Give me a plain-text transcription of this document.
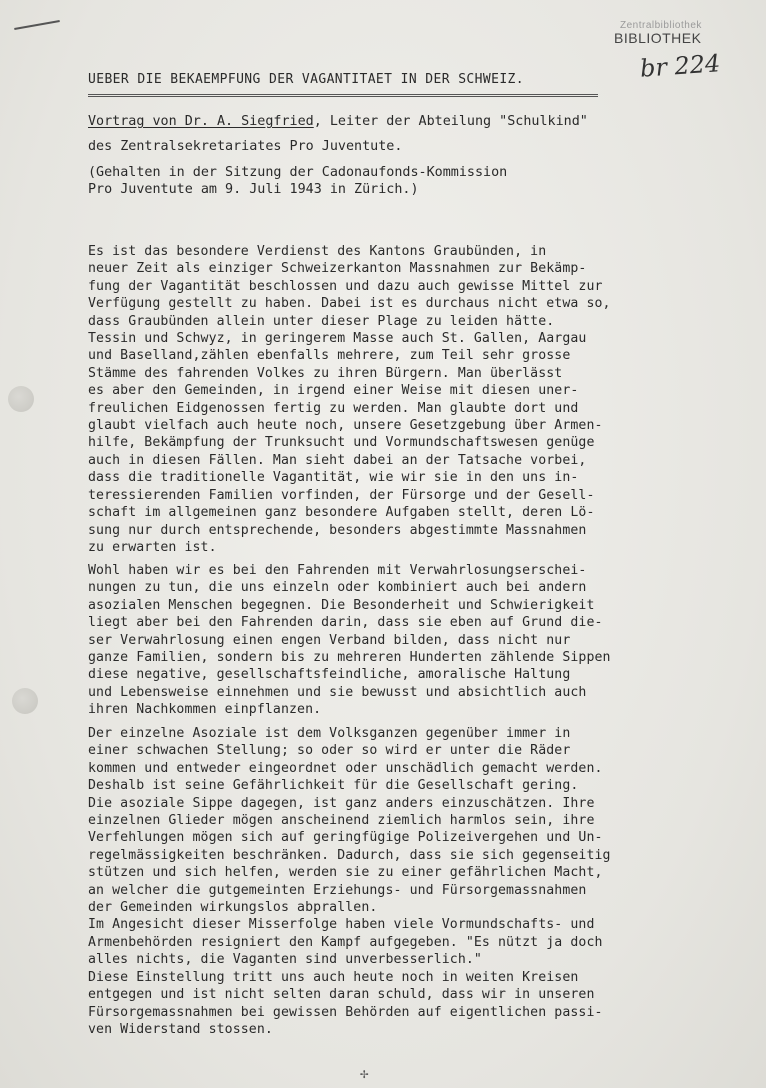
Zentralbibliothek
BIBLIOTHEK
br 224
UEBER DIE BEKAEMPFUNG DER VAGANTITAET IN DER SCHWEIZ.
Vortrag von Dr. A. Siegfried, Leiter der Abteilung "Schulkind"
des Zentralsekretariates Pro Juventute.
(Gehalten in der Sitzung der Cadonaufonds-Kommission
Pro Juventute am 9. Juli 1943 in Zürich.)
Es ist das besondere Verdienst des Kantons Graubünden, in
neuer Zeit als einziger Schweizerkanton Massnahmen zur Bekämp-
fung der Vagantität beschlossen und dazu auch gewisse Mittel zur
Verfügung gestellt zu haben. Dabei ist es durchaus nicht etwa so,
dass Graubünden allein unter dieser Plage zu leiden hätte.
Tessin und Schwyz, in geringerem Masse auch St. Gallen, Aargau
und Baselland,zählen ebenfalls mehrere, zum Teil sehr grosse
Stämme des fahrenden Volkes zu ihren Bürgern. Man überlässt
es aber den Gemeinden, in irgend einer Weise mit diesen uner-
freulichen Eidgenossen fertig zu werden. Man glaubte dort und
glaubt vielfach auch heute noch, unsere Gesetzgebung über Armen-
hilfe, Bekämpfung der Trunksucht und Vormundschaftswesen genüge
auch in diesen Fällen. Man sieht dabei an der Tatsache vorbei,
dass die traditionelle Vagantität, wie wir sie in den uns in-
teressierenden Familien vorfinden, der Fürsorge und der Gesell-
schaft im allgemeinen ganz besondere Aufgaben stellt, deren Lö-
sung nur durch entsprechende, besonders abgestimmte Massnahmen
zu erwarten ist.
Wohl haben wir es bei den Fahrenden mit Verwahrlosungserschei-
nungen zu tun, die uns einzeln oder kombiniert auch bei andern
asozialen Menschen begegnen. Die Besonderheit und Schwierigkeit
liegt aber bei den Fahrenden darin, dass sie eben auf Grund die-
ser Verwahrlosung einen engen Verband bilden, dass nicht nur
ganze Familien, sondern bis zu mehreren Hunderten zählende Sippen
diese negative, gesellschaftsfeindliche, amoralische Haltung
und Lebensweise einnehmen und sie bewusst und absichtlich auch
ihren Nachkommen einpflanzen.
Der einzelne Asoziale ist dem Volksganzen gegenüber immer in
einer schwachen Stellung; so oder so wird er unter die Räder
kommen und entweder eingeordnet oder unschädlich gemacht werden.
Deshalb ist seine Gefährlichkeit für die Gesellschaft gering.
Die asoziale Sippe dagegen, ist ganz anders einzuschätzen. Ihre
einzelnen Glieder mögen anscheinend ziemlich harmlos sein, ihre
Verfehlungen mögen sich auf geringfügige Polizeivergehen und Un-
regelmässigkeiten beschränken. Dadurch, dass sie sich gegenseitig
stützen und sich helfen, werden sie zu einer gefährlichen Macht,
an welcher die gutgemeinten Erziehungs- und Fürsorgemassnahmen
der Gemeinden wirkungslos abprallen.
Im Angesicht dieser Misserfolge haben viele Vormundschafts- und
Armenbehörden resigniert den Kampf aufgegeben. "Es nützt ja doch
alles nichts, die Vaganten sind unverbesserlich."
Diese Einstellung tritt uns auch heute noch in weiten Kreisen
entgegen und ist nicht selten daran schuld, dass wir in unseren
Fürsorgemassnahmen bei gewissen Behörden auf eigentlichen passi-
ven Widerstand stossen.
✢
